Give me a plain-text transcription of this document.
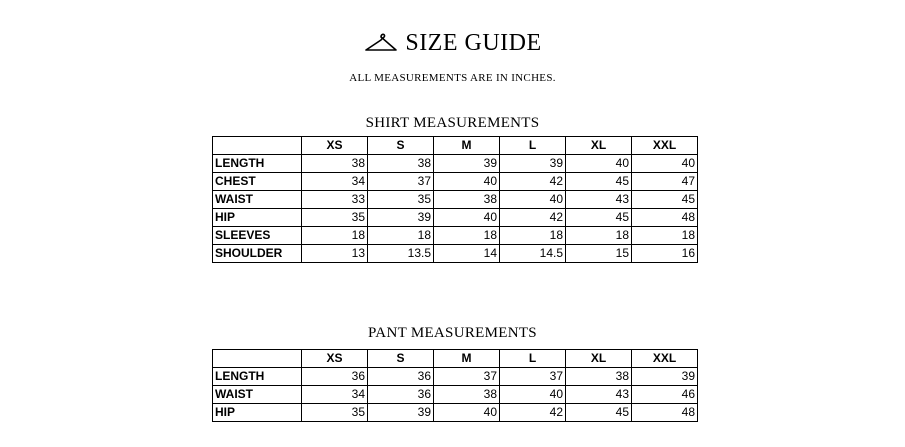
SIZE GUIDE
ALL MEASUREMENTS ARE IN INCHES.
SHIRT MEASUREMENTS
	XS	S	M	L	XL	XXL
LENGTH	38	38	39	39	40	40
CHEST	34	37	40	42	45	47
WAIST	33	35	38	40	43	45
HIP	35	39	40	42	45	48
SLEEVES	18	18	18	18	18	18
SHOULDER	13	13.5	14	14.5	15	16
PANT MEASUREMENTS
	XS	S	M	L	XL	XXL
LENGTH	36	36	37	37	38	39
WAIST	34	36	38	40	43	46
HIP	35	39	40	42	45	48
